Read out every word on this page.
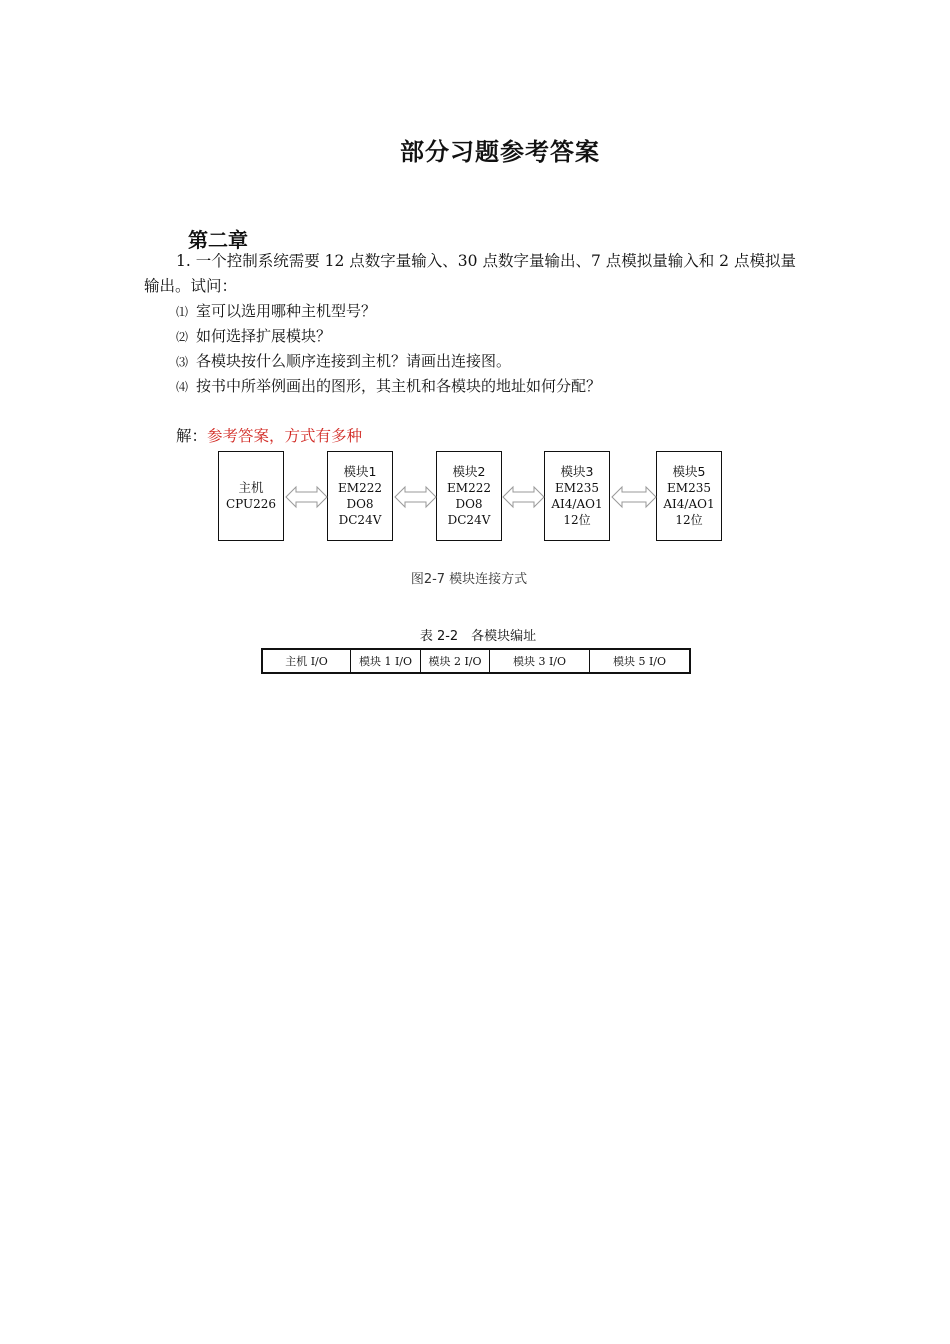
部分习题参考答案
第二章
1. 一个控制系统需要 12 点数字量输入、30 点数字量输出、7 点模拟量输入和 2 点模拟量
输出。试问：
⑴ 室可以选用哪种主机型号？
⑵ 如何选择扩展模块？
⑶ 各模块按什么顺序连接到主机？请画出连接图。
⑷ 按书中所举例画出的图形，其主机和各模块的地址如何分配？
解：参考答案，方式有多种
主机
CPU226
模块1
EM222
DO8
DC24V
模块2
EM222
DO8
DC24V
模块3
EM235
AI4/AO1
12位
模块5
EM235
AI4/AO1
12位
图2-7 模块连接方式
表 2-2　各模块编址
主机 I/O	模块 1 I/O	模块 2 I/O	模块 3 I/O	模块 5 I/O
